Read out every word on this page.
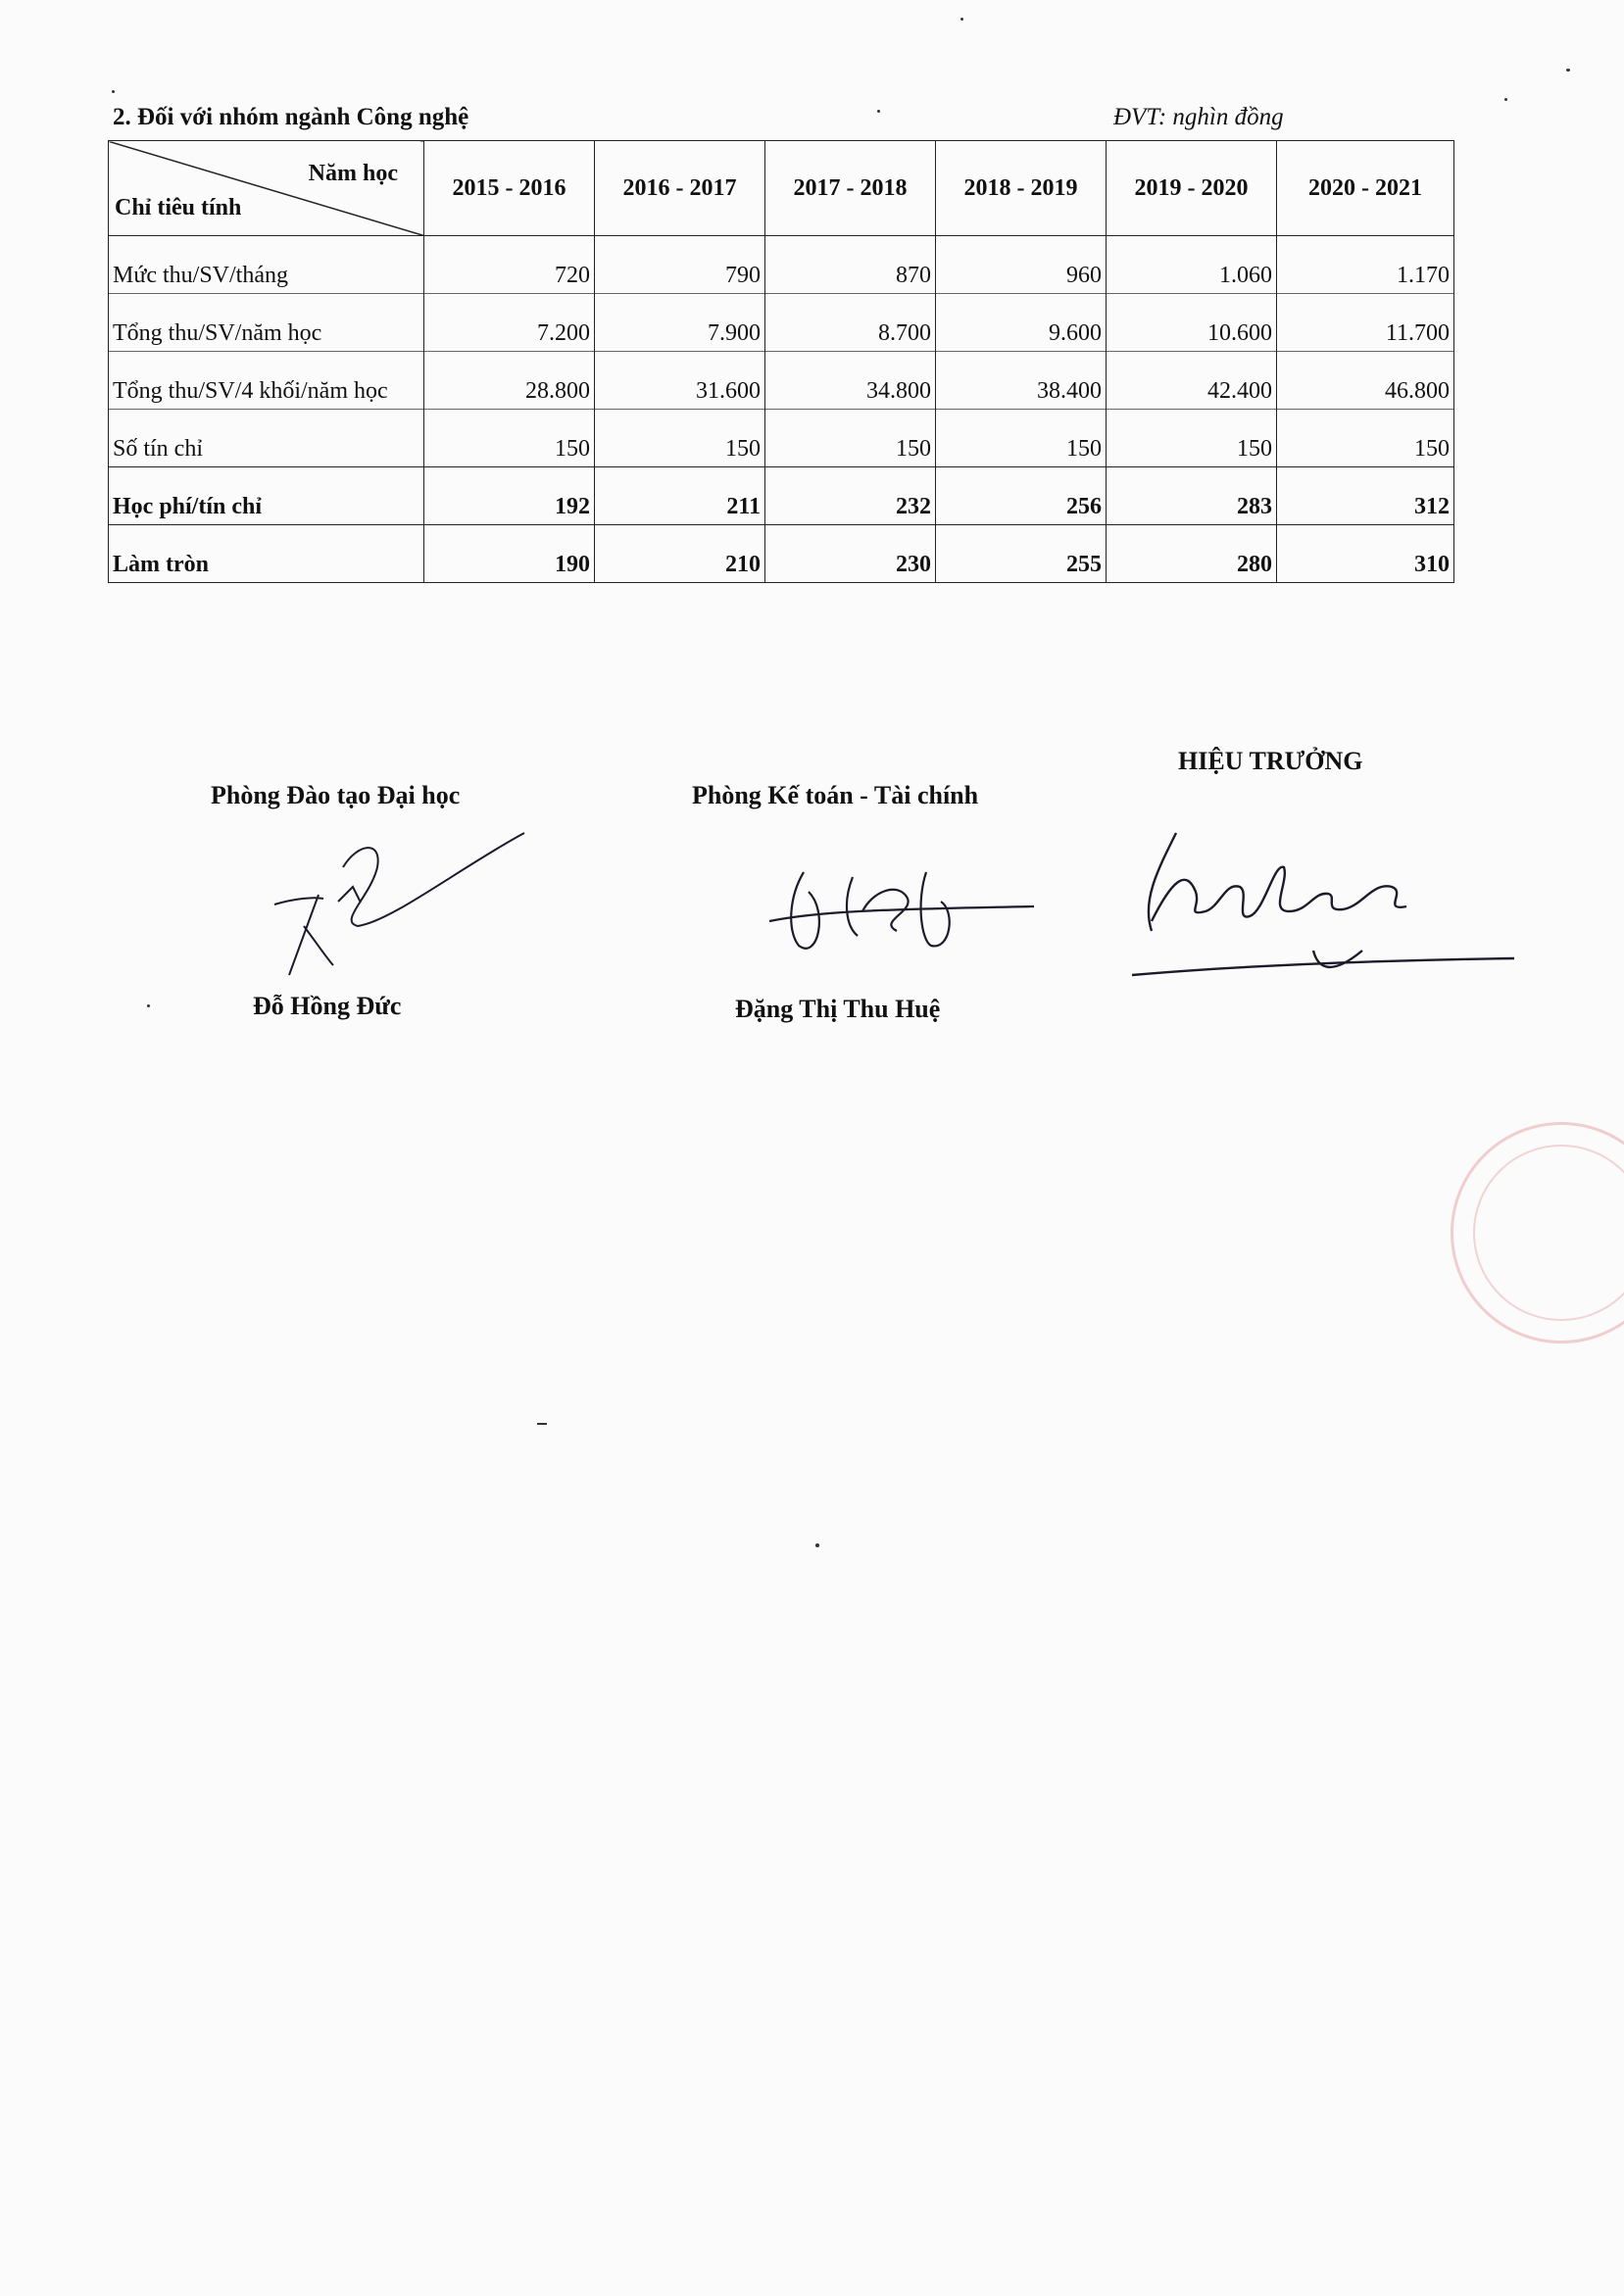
2. Đối với nhóm ngành Công nghệ	ĐVT: nghìn đồng
Năm học
Chỉ tiêu tính	2015 - 2016	2016 - 2017	2017 - 2018	2018 - 2019	2019 - 2020	2020 - 2021
Mức thu/SV/tháng	720	790	870	960	1.060	1.170
Tổng thu/SV/năm học	7.200	7.900	8.700	9.600	10.600	11.700
Tổng thu/SV/4 khối/năm học	28.800	31.600	34.800	38.400	42.400	46.800
Số tín chỉ	150	150	150	150	150	150
Học phí/tín chỉ	192	211	232	256	283	312
Làm tròn	190	210	230	255	280	310
Phòng Đào tạo Đại học
Đỗ Hồng Đức
Phòng Kế toán - Tài chính
Đặng Thị Thu Huệ
HIỆU TRƯỞNG
